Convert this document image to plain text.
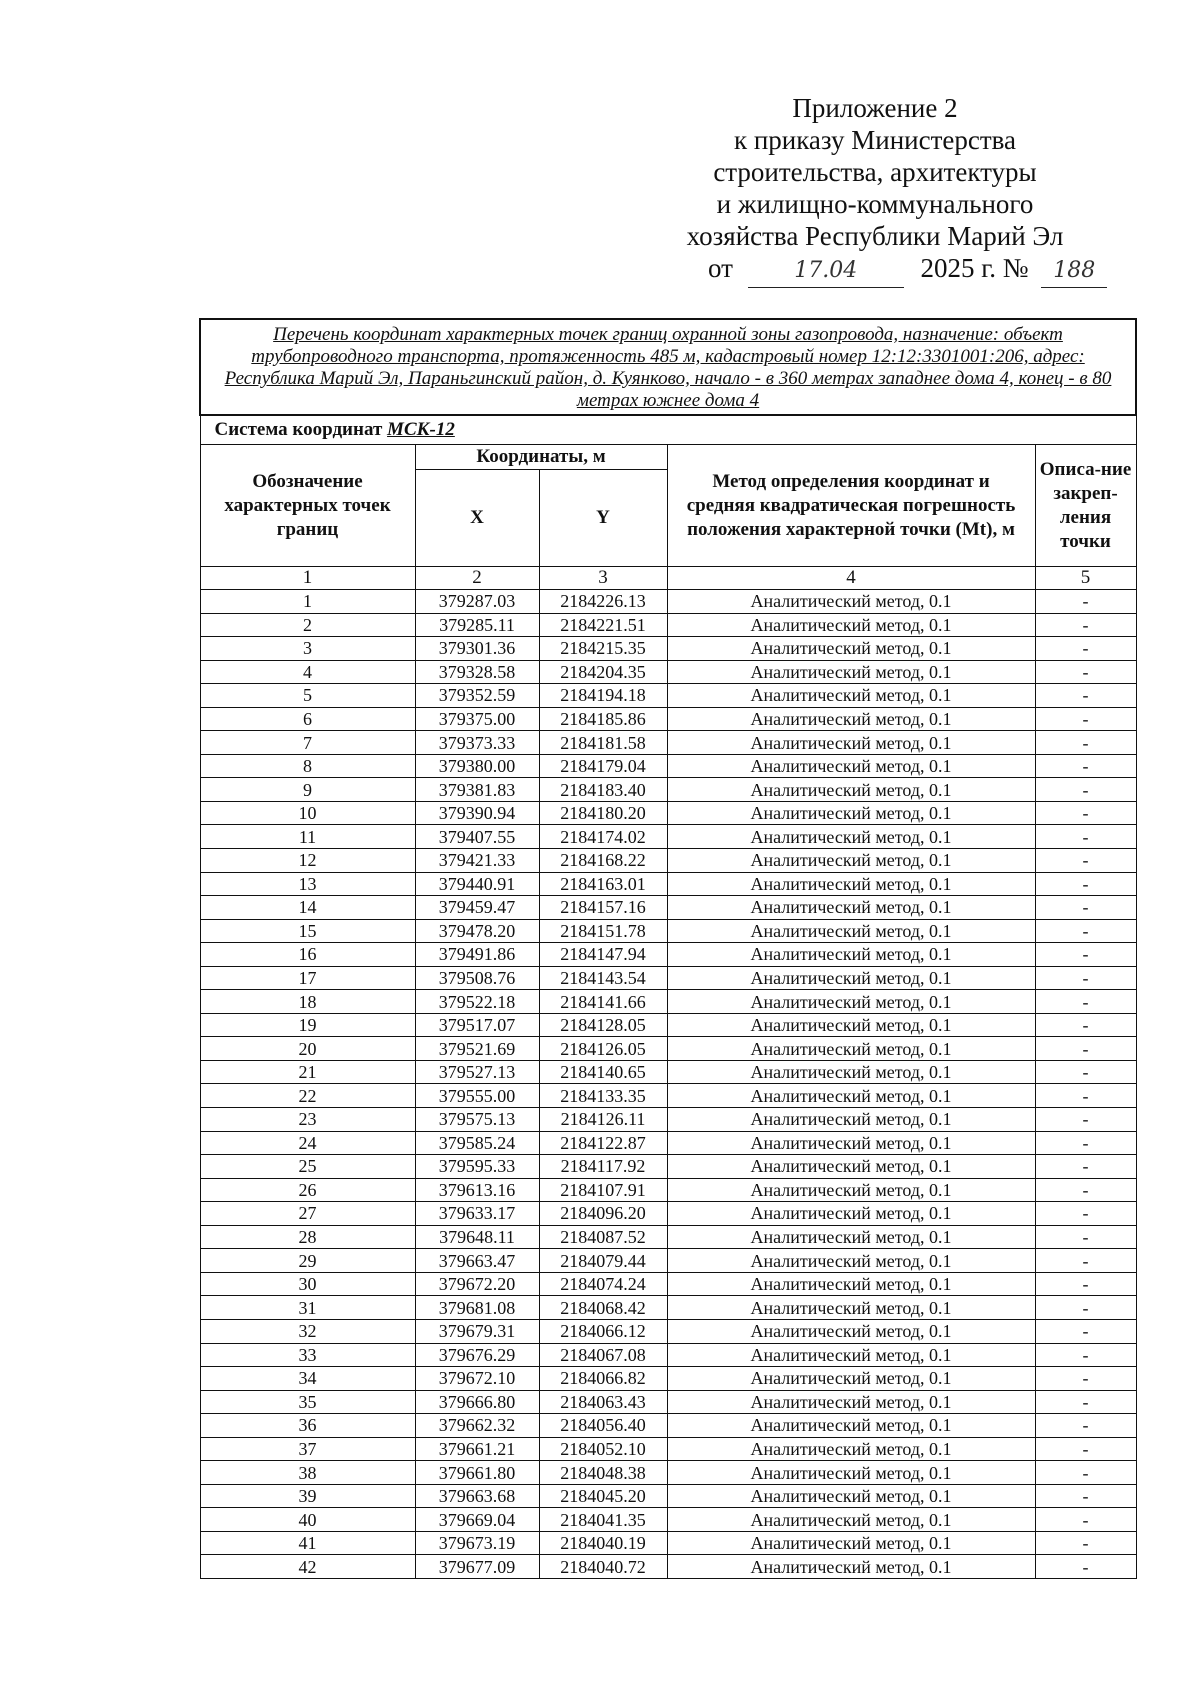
Приложение 2
к приказу Министерства
строительства, архитектуры
и жилищно-коммунального
хозяйства Республики Марий Эл
от	17.04 2025 г. № 188
Перечень координат характерных точек границ охранной зоны газопровода, назначение: объект трубопроводного транспорта, протяженность 485 м, кадастровый номер 12:12:3301001:206, адрес: Республика Марий Эл, Параньгинский район, д. Куянково, начало - в 360 метрах западнее дома 4, конец - в 80 метрах южнее дома 4				
Система координат МСК-12				
Обозначение характерных точек границ	Координаты, м		Метод определения координат и средняя квадратическая погрешность положения характерной точки (Mt), м	Описа-ние закреп-ления точки
	X	Y		
1	2	3	4	5
1	379287.03	2184226.13	Аналитический метод, 0.1	-
2	379285.11	2184221.51	Аналитический метод, 0.1	-
3	379301.36	2184215.35	Аналитический метод, 0.1	-
4	379328.58	2184204.35	Аналитический метод, 0.1	-
5	379352.59	2184194.18	Аналитический метод, 0.1	-
6	379375.00	2184185.86	Аналитический метод, 0.1	-
7	379373.33	2184181.58	Аналитический метод, 0.1	-
8	379380.00	2184179.04	Аналитический метод, 0.1	-
9	379381.83	2184183.40	Аналитический метод, 0.1	-
10	379390.94	2184180.20	Аналитический метод, 0.1	-
11	379407.55	2184174.02	Аналитический метод, 0.1	-
12	379421.33	2184168.22	Аналитический метод, 0.1	-
13	379440.91	2184163.01	Аналитический метод, 0.1	-
14	379459.47	2184157.16	Аналитический метод, 0.1	-
15	379478.20	2184151.78	Аналитический метод, 0.1	-
16	379491.86	2184147.94	Аналитический метод, 0.1	-
17	379508.76	2184143.54	Аналитический метод, 0.1	-
18	379522.18	2184141.66	Аналитический метод, 0.1	-
19	379517.07	2184128.05	Аналитический метод, 0.1	-
20	379521.69	2184126.05	Аналитический метод, 0.1	-
21	379527.13	2184140.65	Аналитический метод, 0.1	-
22	379555.00	2184133.35	Аналитический метод, 0.1	-
23	379575.13	2184126.11	Аналитический метод, 0.1	-
24	379585.24	2184122.87	Аналитический метод, 0.1	-
25	379595.33	2184117.92	Аналитический метод, 0.1	-
26	379613.16	2184107.91	Аналитический метод, 0.1	-
27	379633.17	2184096.20	Аналитический метод, 0.1	-
28	379648.11	2184087.52	Аналитический метод, 0.1	-
29	379663.47	2184079.44	Аналитический метод, 0.1	-
30	379672.20	2184074.24	Аналитический метод, 0.1	-
31	379681.08	2184068.42	Аналитический метод, 0.1	-
32	379679.31	2184066.12	Аналитический метод, 0.1	-
33	379676.29	2184067.08	Аналитический метод, 0.1	-
34	379672.10	2184066.82	Аналитический метод, 0.1	-
35	379666.80	2184063.43	Аналитический метод, 0.1	-
36	379662.32	2184056.40	Аналитический метод, 0.1	-
37	379661.21	2184052.10	Аналитический метод, 0.1	-
38	379661.80	2184048.38	Аналитический метод, 0.1	-
39	379663.68	2184045.20	Аналитический метод, 0.1	-
40	379669.04	2184041.35	Аналитический метод, 0.1	-
41	379673.19	2184040.19	Аналитический метод, 0.1	-
42	379677.09	2184040.72	Аналитический метод, 0.1	-
